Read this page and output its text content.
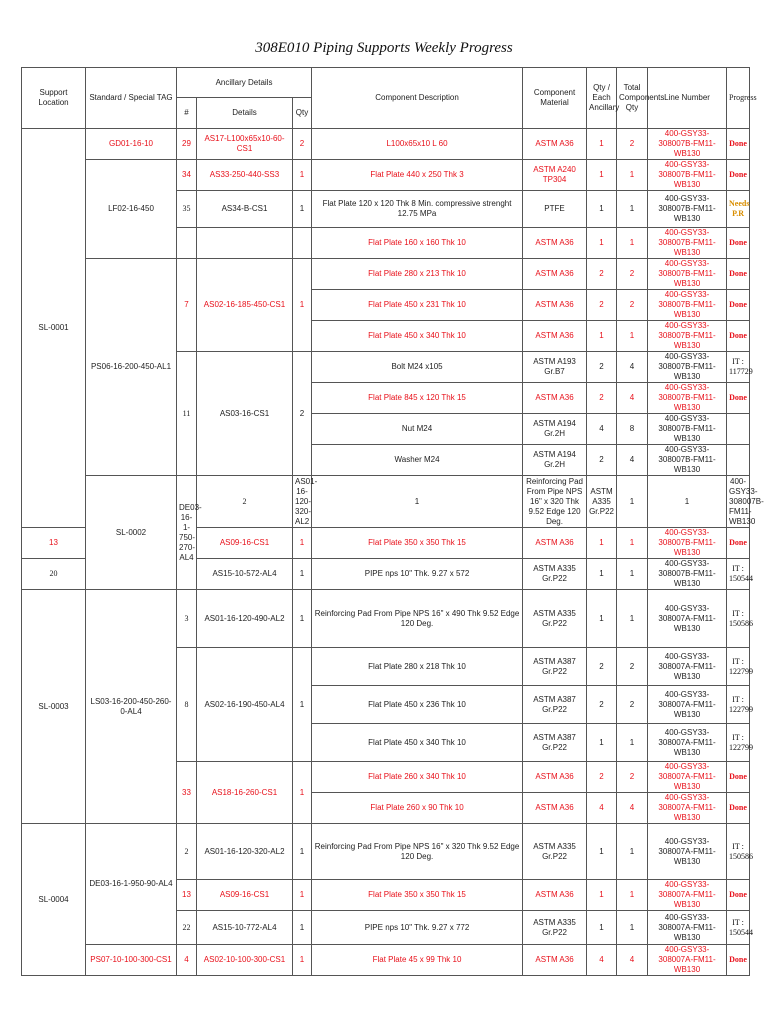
308E010 Piping Supports Weekly Progress
Support Location	Standard / Special TAG	Ancillary Details			Component Description	Component Material	Qty / Each Ancillary	Total Components Qty	Line Number	Progress	
		#	Details	Qty							
SL-0001	GD01-16-10	29	AS17-L100x65x10-60-CS1	2	L100x65x10 L 60	ASTM A36	1	2	400-GSY33-308007B-FM11-WB130	Done	
	LF02-16-450	34	AS33-250-440-SS3	1	Flat Plate 440 x 250 Thk 3	ASTM A240 TP304	1	1	400-GSY33-308007B-FM11-WB130	Done	
		35	AS34-B-CS1	1	Flat Plate 120 x 120 Thk 8 Min. compressive strenght 12.75 MPa	PTFE	1	1	400-GSY33-308007B-FM11-WB130	Needs P.R	
					Flat Plate 160 x 160 Thk 10	ASTM A36	1	1	400-GSY33-308007B-FM11-WB130	Done	
	PS06-16-200-450-AL1	7	AS02-16-185-450-CS1	1	Flat Plate 280 x 213 Thk 10	ASTM A36	2	2	400-GSY33-308007B-FM11-WB130	Done	
					Flat Plate 450 x 231 Thk 10	ASTM A36	2	2	400-GSY33-308007B-FM11-WB130	Done	
					Flat Plate 450 x 340 Thk 10	ASTM A36	1	1	400-GSY33-308007B-FM11-WB130	Done	
		11	AS03-16-CS1	2	Bolt M24 x105	ASTM A193 Gr.B7	2	4	400-GSY33-308007B-FM11-WB130	IT : 117729	
					Flat Plate 845 x 120 Thk 15	ASTM A36	2	4	400-GSY33-308007B-FM11-WB130	Done	
					Nut M24	ASTM A194 Gr.2H	4	8	400-GSY33-308007B-FM11-WB130		
					Washer M24	ASTM A194 Gr.2H	2	4	400-GSY33-308007B-FM11-WB130		
	SL-0002	DE03-16-1-750-270-AL4	2	AS01-16-120-320-AL2	1	Reinforcing Pad From Pipe NPS 16" x 320 Thk 9.52 Edge 120 Deg.	ASTM A335 Gr.P22	1	1	400-GSY33-308007B-FM11-WB130	
13			AS09-16-CS1	1	Flat Plate 350 x 350 Thk 15	ASTM A36	1	1	400-GSY33-308007B-FM11-WB130	Done	
20			AS15-10-572-AL4	1	PIPE nps 10" Thk. 9.27 x 572	ASTM A335 Gr.P22	1	1	400-GSY33-308007B-FM11-WB130	IT : 150544	
SL-0003	LS03-16-200-450-260-0-AL4	3	AS01-16-120-490-AL2	1	Reinforcing Pad From Pipe NPS 16" x 490 Thk 9.52 Edge 120 Deg.	ASTM A335 Gr.P22	1	1	400-GSY33-308007A-FM11-WB130	IT : 150586	
		8	AS02-16-190-450-AL4	1	Flat Plate 280 x 218 Thk 10	ASTM A387 Gr.P22	2	2	400-GSY33-308007A-FM11-WB130	IT : 122799	
					Flat Plate 450 x 236 Thk 10	ASTM A387 Gr.P22	2	2	400-GSY33-308007A-FM11-WB130	IT : 122799	
					Flat Plate 450 x 340 Thk 10	ASTM A387 Gr.P22	1	1	400-GSY33-308007A-FM11-WB130	IT : 122799	
		33	AS18-16-260-CS1	1	Flat Plate 260 x 340 Thk 10	ASTM A36	2	2	400-GSY33-308007A-FM11-WB130	Done	
					Flat Plate 260 x 90 Thk 10	ASTM A36	4	4	400-GSY33-308007A-FM11-WB130	Done	
SL-0004	DE03-16-1-950-90-AL4	2	AS01-16-120-320-AL2	1	Reinforcing Pad From Pipe NPS 16" x 320 Thk 9.52 Edge 120 Deg.	ASTM A335 Gr.P22	1	1	400-GSY33-308007A-FM11-WB130	IT : 150586	
		13	AS09-16-CS1	1	Flat Plate 350 x 350 Thk 15	ASTM A36	1	1	400-GSY33-308007A-FM11-WB130	Done	
		22	AS15-10-772-AL4	1	PIPE nps 10" Thk. 9.27 x 772	ASTM A335 Gr.P22	1	1	400-GSY33-308007A-FM11-WB130	IT : 150544	
	PS07-10-100-300-CS1	4	AS02-10-100-300-CS1	1	Flat Plate 45 x 99 Thk 10	ASTM A36	4	4	400-GSY33-308007A-FM11-WB130	Done	
